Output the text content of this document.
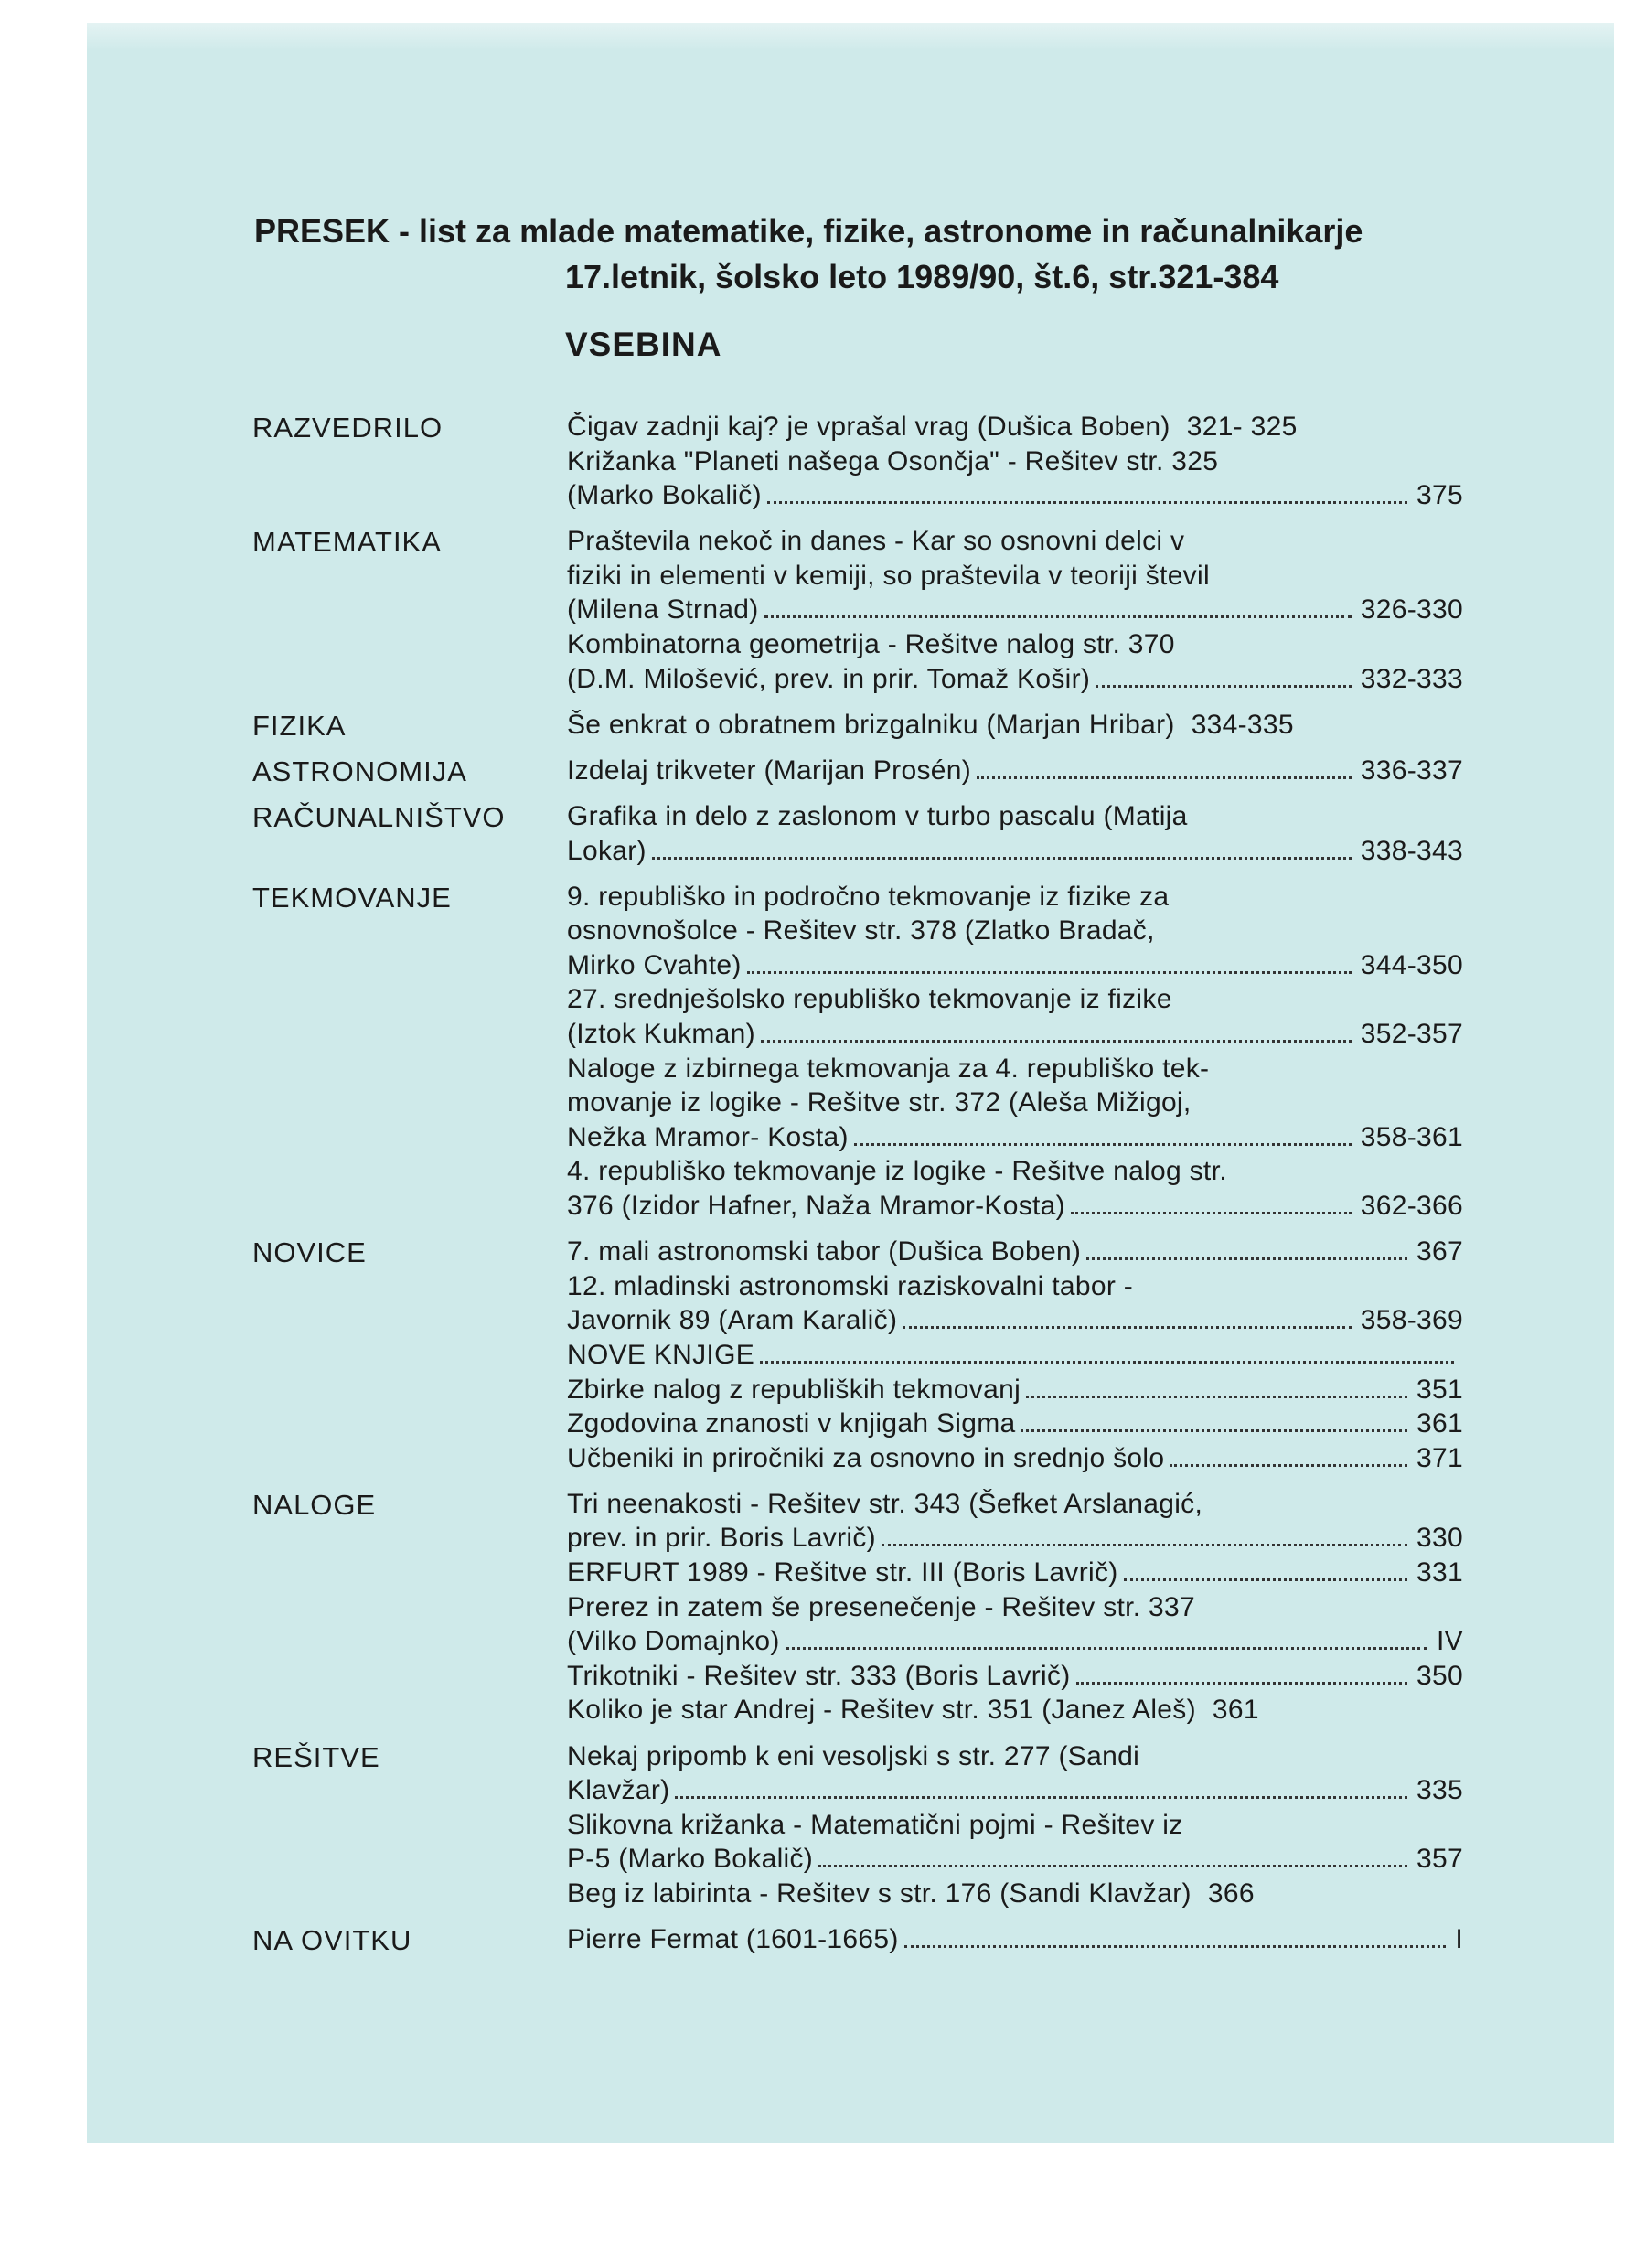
PRESEK - list za mlade matematike, fizike, astronome in računalnikarje
17.letnik, šolsko leto 1989/90, št.6, str.321-384
VSEBINA
RAZVEDRILO	Čigav zadnji kaj? je vprašal vrag (Dušica Boben) 321- 325
Križanka "Planeti našega Osončja" - Rešitev str. 325
(Marko Bokalič)	375
MATEMATIKA	Praštevila nekoč in danes - Kar so osnovni delci v
fiziki in elementi v kemiji, so praštevila v teoriji števil
(Milena Strnad)	326-330
Kombinatorna geometrija - Rešitve nalog str. 370
(D.M. Milošević, prev. in prir. Tomaž Košir)	332-333
FIZIKA	Še enkrat o obratnem brizgalniku (Marjan Hribar) 334-335
ASTRONOMIJA	Izdelaj trikveter (Marijan Prosén)	336-337
RAČUNALNIŠTVO Grafika in delo z zaslonom v turbo pascalu (Matija
Lokar)	338-343
TEKMOVANJE	9. republiško in področno tekmovanje iz fizike za
osnovnošolce - Rešitev str. 378 (Zlatko Bradač,
Mirko Cvahte)	344-350
27. srednješolsko republiško tekmovanje iz fizike
(Iztok Kukman)	352-357
Naloge z izbirnega tekmovanja za 4. republiško tek-
movanje iz logike - Rešitve str. 372 (Aleša Mižigoj,
Nežka Mramor- Kosta)	358-361
4. republiško tekmovanje iz logike - Rešitve nalog str.
376 (Izidor Hafner, Naža Mramor-Kosta)	362-366
NOVICE	7. mali astronomski tabor (Dušica Boben)	367
12. mladinski astronomski raziskovalni tabor -
Javornik 89 (Aram Karalič)	358-369
NOVE KNJIGE
Zbirke nalog z republiških tekmovanj	351
Zgodovina znanosti v knjigah Sigma	361
Učbeniki in priročniki za osnovno in srednjo šolo	371
NALOGE	Tri neenakosti - Rešitev str. 343 (Šefket Arslanagić,
prev. in prir. Boris Lavrič)	330
ERFURT 1989 - Rešitve str. III (Boris Lavrič)	331
Prerez in zatem še presenečenje - Rešitev str. 337
(Vilko Domajnko)	IV
Trikotniki - Rešitev str. 333 (Boris Lavrič)	350
Koliko je star Andrej - Rešitev str. 351 (Janez Aleš) 361
REŠITVE	Nekaj pripomb k eni vesoljski s str. 277 (Sandi
Klavžar)	335
Slikovna križanka - Matematični pojmi - Rešitev iz
P-5 (Marko Bokalič)	357
Beg iz labirinta - Rešitev s str. 176 (Sandi Klavžar) 366
NA OVITKU	Pierre Fermat (1601-1665)	I
